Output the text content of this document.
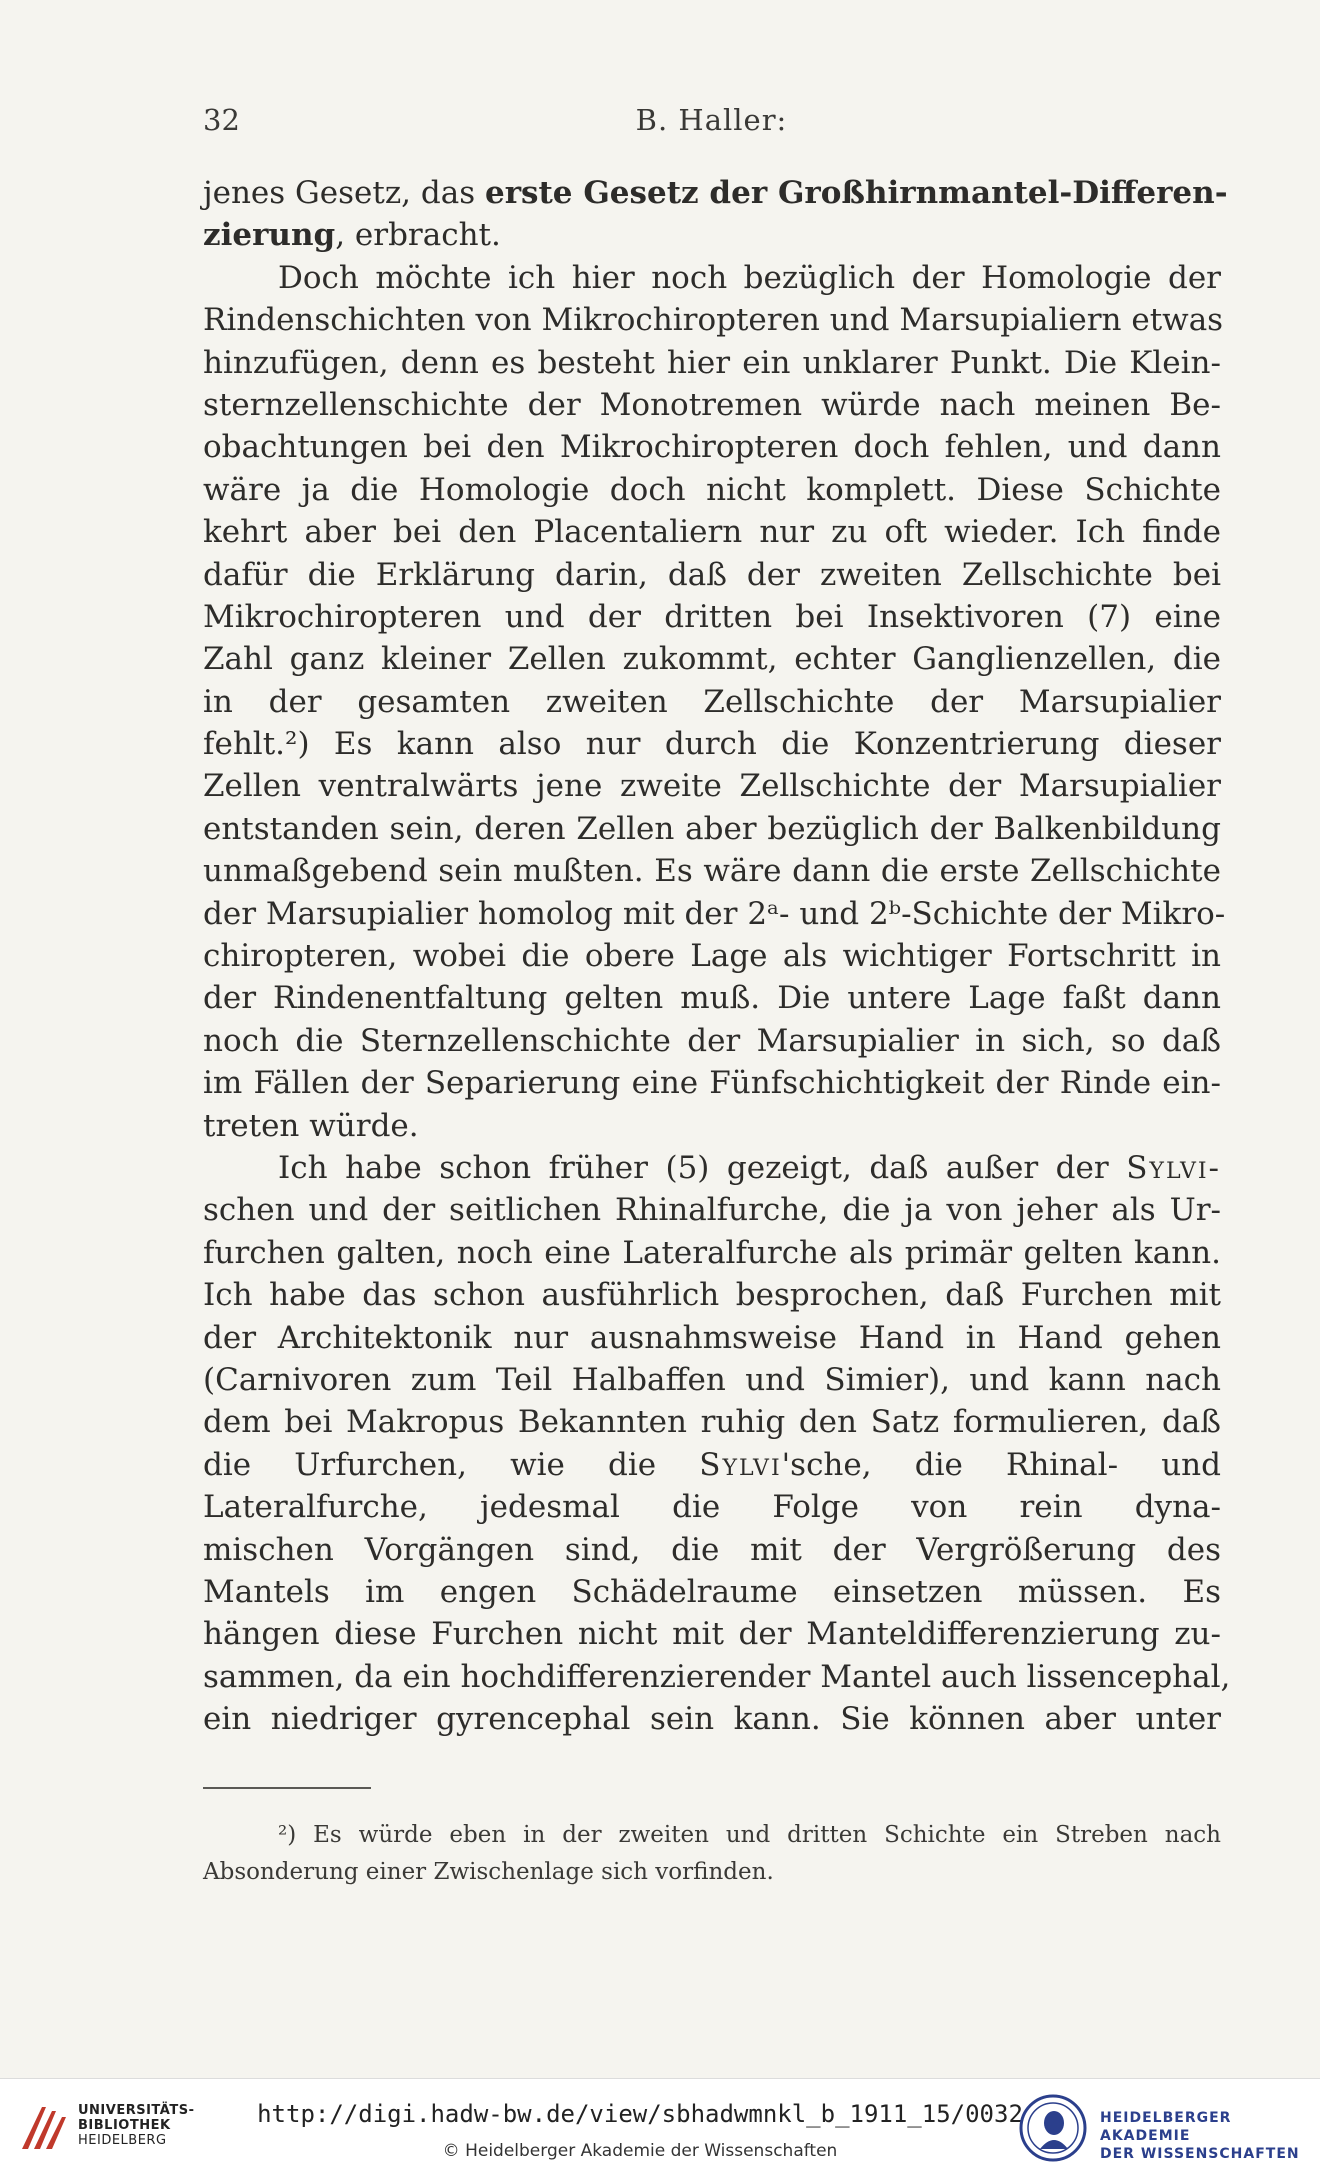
32	B. Haller:
jenes Gesetz, das erste Gesetz der Großhirnmantel-Differen-
zierung, erbracht.
Doch möchte ich hier noch bezüglich der Homologie der
Rindenschichten von Mikrochiropteren und Marsupialiern etwas
hinzufügen, denn es besteht hier ein unklarer Punkt. Die Klein-
sternzellenschichte der Monotremen würde nach meinen Be-
obachtungen bei den Mikrochiropteren doch fehlen, und dann
wäre ja die Homologie doch nicht komplett. Diese Schichte
kehrt aber bei den Placentaliern nur zu oft wieder. Ich finde
dafür die Erklärung darin, daß der zweiten Zellschichte bei
Mikrochiropteren und der dritten bei Insektivoren (7) eine
Zahl ganz kleiner Zellen zukommt, echter Ganglienzellen, die
in der gesamten zweiten Zellschichte der Marsupialier
fehlt.²) Es kann also nur durch die Konzentrierung dieser
Zellen ventralwärts jene zweite Zellschichte der Marsupialier
entstanden sein, deren Zellen aber bezüglich der Balkenbildung
unmaßgebend sein mußten. Es wäre dann die erste Zellschichte
der Marsupialier homolog mit der 2ᵃ- und 2ᵇ-Schichte der Mikro-
chiropteren, wobei die obere Lage als wichtiger Fortschritt in
der Rindenentfaltung gelten muß. Die untere Lage faßt dann
noch die Sternzellenschichte der Marsupialier in sich, so daß
im Fällen der Separierung eine Fünfschichtigkeit der Rinde ein-
treten würde.
Ich habe schon früher (5) gezeigt, daß außer der Sylvi-
schen und der seitlichen Rhinalfurche, die ja von jeher als Ur-
furchen galten, noch eine Lateralfurche als primär gelten kann.
Ich habe das schon ausführlich besprochen, daß Furchen mit
der Architektonik nur ausnahmsweise Hand in Hand gehen
(Carnivoren zum Teil Halbaffen und Simier), und kann nach
dem bei Makropus Bekannten ruhig den Satz formulieren, daß
die Urfurchen, wie die Sylvi'sche, die Rhinal- und
Lateralfurche, jedesmal die Folge von rein dyna-
mischen Vorgängen sind, die mit der Vergrößerung des
Mantels im engen Schädelraume einsetzen müssen. Es
hängen diese Furchen nicht mit der Manteldifferenzierung zu-
sammen, da ein hochdifferenzierender Mantel auch lissencephal,
ein niedriger gyrencephal sein kann. Sie können aber unter
²) Es würde eben in der zweiten und dritten Schichte ein Streben nach
Absonderung einer Zwischenlage sich vorfinden.
UNIVERSITÄTS-
BIBLIOTHEK
HEIDELBERG
http://digi.hadw-bw.de/view/sbhadwmnkl_b_1911_15/0032
© Heidelberger Akademie der Wissenschaften
HEIDELBERGER AKADEMIE
DER WISSENSCHAFTEN
